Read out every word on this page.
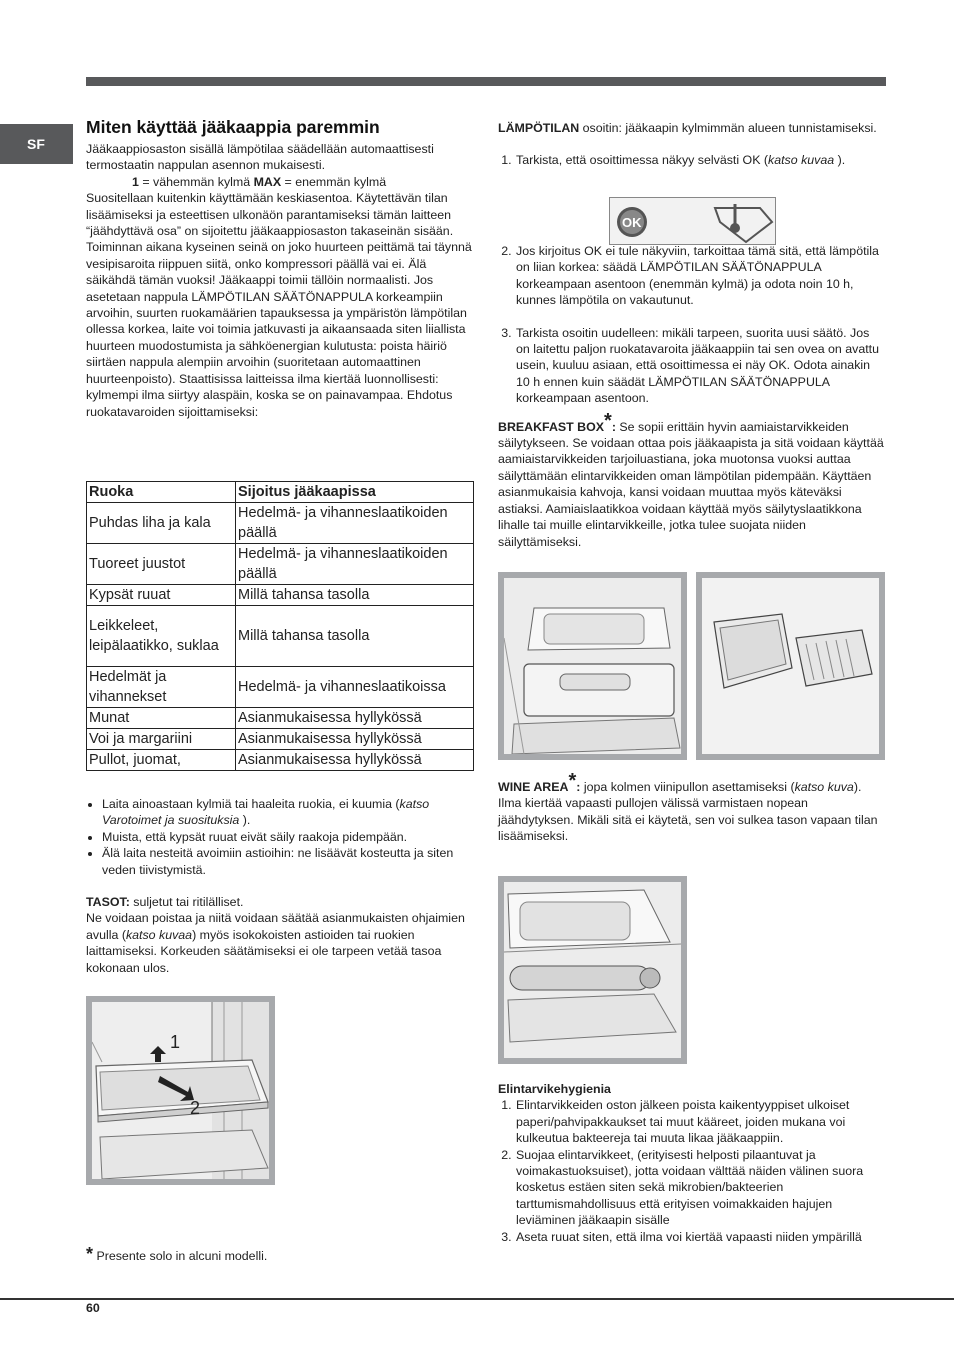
SF
Miten käyttää jääkaappia paremmin

Jääkaappiosaston sisällä lämpötilaa säädellään automaattisesti termostaatin nappulan asennon mukaisesti.

1 = vähemmän kylmä MAX = enemmän kylmä

Suositellaan kuitenkin käyttämään keskiasentoa. Käytettävän tilan lisäämiseksi ja esteettisen ulkonäön parantamiseksi tämän laitteen “jäähdyttävä osa” on sijoitettu jääkaappiosaston takaseinän sisään. Toiminnan aikana kyseinen seinä on joko huurteen peittämä tai täynnä vesipisaroita riippuen siitä, onko kompressori päällä vai ei. Älä säikähdä tämän vuoksi! Jääkaappi toimii tällöin normaalisti. Jos asetetaan nappula LÄMPÖTILAN SÄÄTÖNAPPULA korkeampiin arvoihin, suurten ruokamäärien tapauksessa ja ympäristön lämpötilan ollessa korkea, laite voi toimia jatkuvasti ja aikaansaada siten liiallista huurteen muodostumista ja sähköenergian kulutusta: poista häiriö siirtäen nappula alempiin arvoihin (suoritetaan automaattinen huurteenpoisto). Staattisissa laitteissa ilma kiertää luonnollisesti: kylmempi ilma siirtyy alaspäin, koska se on painavampaa. Ehdotus ruokatavaroiden sijoittamiseksi:

Ruoka	Sijoitus jääkaapissa
Puhdas liha ja kala	Hedelmä- ja vihanneslaatikoiden päällä
Tuoreet juustot	Hedelmä- ja vihanneslaatikoiden päällä
Kypsät ruuat	Millä tahansa tasolla
Leikkeleet, leipälaatikko, suklaa	Millä tahansa tasolla
Hedelmät ja vihannekset	Hedelmä- ja vihanneslaatikoissa
Munat	Asianmukaisessa hyllykössä
Voi ja margariini	Asianmukaisessa hyllykössä
Pullot, juomat,	Asianmukaisessa hyllykössä
• Laita ainoastaan kylmiä tai haaleita ruokia, ei kuumia (katso Varotoimet ja suosituksia ).
• Muista, että kypsät ruuat eivät säily raakoja pidempään.
• Älä laita nesteitä avoimiin astioihin: ne lisäävät kosteutta ja siten veden tiivistymistä.

TASOT: suljetut tai ritilälliset.

Ne voidaan poistaa ja niitä voidaan säätää asianmukaisten ohjaimien avulla (katso kuvaa) myös isokokoisten astioiden tai ruokien laittamiseksi. Korkeuden säätämiseksi ei ole tarpeen vetää tasoa kokonaan ulos.

1
2
* Presente solo in alcuni modelli.

LÄMPÖTILAN osoitin: jääkaapin kylmimmän alueen tunnistamiseksi.

1. Tarkista, että osoittimessa näkyy selvästi OK (katso kuvaa ).
OK
2. Jos kirjoitus OK ei tule näkyviin, tarkoittaa tämä sitä, että lämpötila on liian korkea: säädä LÄMPÖTILAN SÄÄTÖNAPPULA korkeampaan asentoon (enemmän kylmä) ja odota noin 10 h, kunnes lämpötila on vakautunut.
3. Tarkista osoitin uudelleen: mikäli tarpeen, suorita uusi säätö. Jos on laitettu paljon ruokatavaroita jääkaappiin tai sen ovea on avattu usein, kuuluu asiaan, että osoittimessa ei näy OK. Odota ainakin 10 h ennen kuin säädät LÄMPÖTILAN SÄÄTÖNAPPULA korkeampaan asentoon.

BREAKFAST BOX*: Se sopii erittäin hyvin aamiaistarvikkeiden säilytykseen. Se voidaan ottaa pois jääkaapista ja sitä voidaan käyttää aamiaistarvikkeiden tarjoiluastiana, joka muotonsa vuoksi auttaa säilyttämään elintarvikkeiden oman lämpötilan pidempään. Käyttäen asianmukaisia kahvoja, kansi voidaan muuttaa myös käteväksi astiaksi. Aamiaislaatikkoa voidaan käyttää myös säilytyslaatikkona lihalle tai muille elintarvikkeille, jotka tulee suojata niiden säilyttämiseksi.

WINE AREA*: jopa kolmen viinipullon asettamiseksi (katso kuva). Ilma kiertää vapaasti pullojen välissä varmistaen nopean jäähdytyksen. Mikäli sitä ei käytetä, sen voi sulkea tason vapaan tilan lisäämiseksi.

Elintarvikehygienia

1. Elintarvikkeiden oston jälkeen poista kaikentyyppiset ulkoiset paperi/pahvipakkaukset tai muut kääreet, joiden mukana voi kulkeutua bakteereja tai muuta likaa jääkaappiin.
2. Suojaa elintarvikkeet, (erityisesti helposti pilaantuvat ja voimakastuoksuiset), jotta voidaan välttää näiden välinen suora kosketus estäen siten sekä mikrobien/bakteerien tarttumismahdollisuus että erityisen voimakkaiden hajujen leviäminen jääkaapin sisälle
3. Aseta ruuat siten, että ilma voi kiertää vapaasti niiden ympärillä
60
